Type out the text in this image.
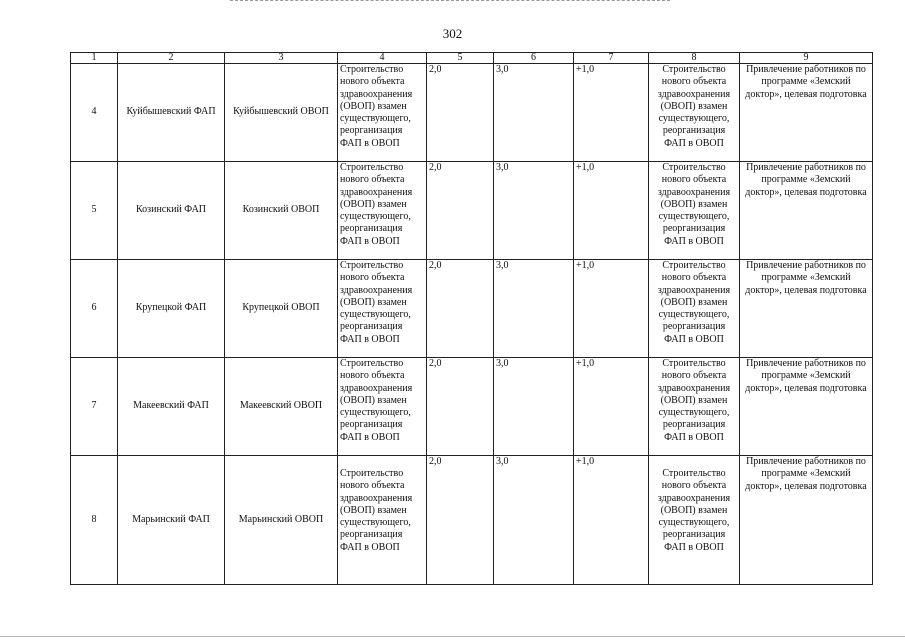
302
1	2	3	4	5	6	7	8	9
4	Куйбышевский ФАП	Куйбышевский ОВОП	Строительство нового объекта здравоохранения (ОВОП) взамен существующего, реорганизация ФАП в ОВОП	2,0	3,0	+1,0	Строительство нового объекта здравоохранения (ОВОП) взамен существующего, реорганизация ФАП в ОВОП	Привлечение работников по программе «Земский доктор», целевая подготовка
5	Козинский ФАП	Козинский ОВОП	Строительство нового объекта здравоохранения (ОВОП) взамен существующего, реорганизация ФАП в ОВОП	2,0	3,0	+1,0	Строительство нового объекта здравоохранения (ОВОП) взамен существующего, реорганизация ФАП в ОВОП	Привлечение работников по программе «Земский доктор», целевая подготовка
6	Крупецкой ФАП	Крупецкой ОВОП	Строительство нового объекта здравоохранения (ОВОП) взамен существующего, реорганизация ФАП в ОВОП	2,0	3,0	+1,0	Строительство нового объекта здравоохранения (ОВОП) взамен существующего, реорганизация ФАП в ОВОП	Привлечение работников по программе «Земский доктор», целевая подготовка
7	Макеевский ФАП	Макеевский ОВОП	Строительство нового объекта здравоохранения (ОВОП) взамен существующего, реорганизация ФАП в ОВОП	2,0	3,0	+1,0	Строительство нового объекта здравоохранения (ОВОП) взамен существующего, реорганизация ФАП в ОВОП	Привлечение работников по программе «Земский доктор», целевая подготовка
8	Марьинский ФАП	Марьинский ОВОП	Строительство нового объекта здравоохранения (ОВОП) взамен существующего, реорганизация ФАП в ОВОП	2,0	3,0	+1,0	Строительство нового объекта здравоохранения (ОВОП) взамен существующего, реорганизация ФАП в ОВОП	Привлечение работников по программе «Земский доктор», целевая подготовка
